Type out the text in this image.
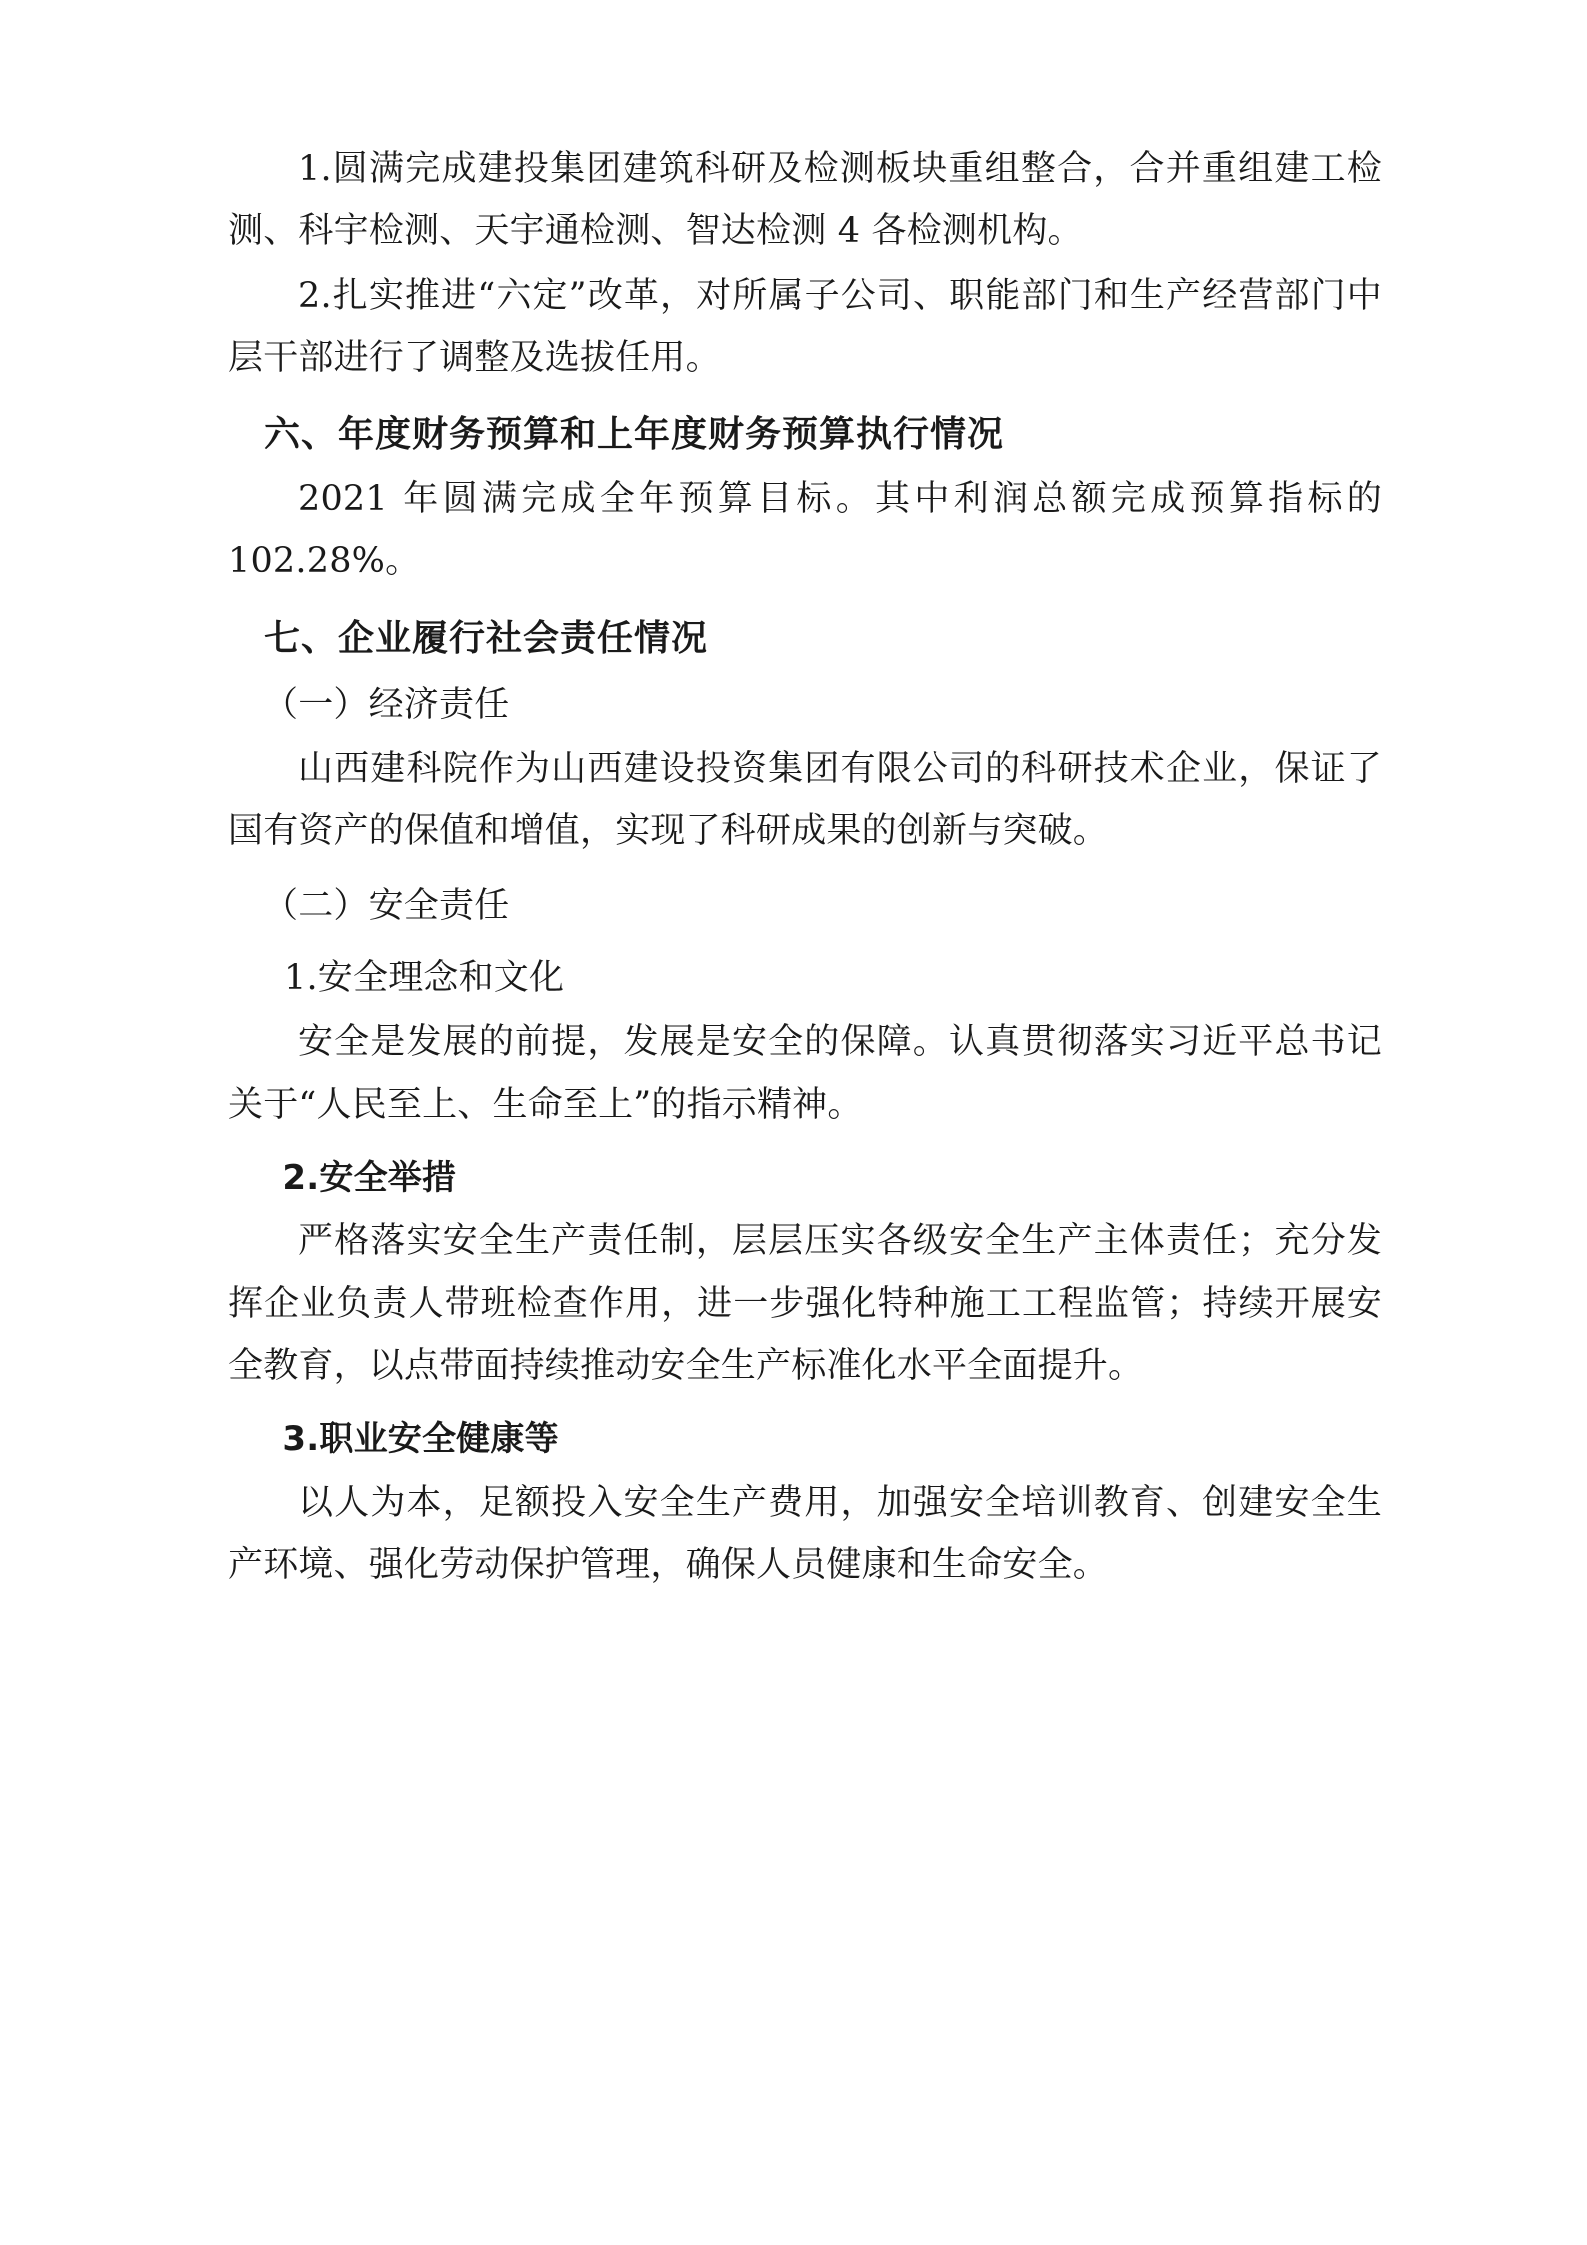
1.圆满完成建投集团建筑科研及检测板块重组整合，合并重组建工检测、科宇检测、天宇通检测、智达检测 4 各检测机构。

2.扎实推进“六定”改革，对所属子公司、职能部门和生产经营部门中层干部进行了调整及选拔任用。

六、年度财务预算和上年度财务预算执行情况

2021 年圆满完成全年预算目标。其中利润总额完成预算指标的 102.28%。

七、企业履行社会责任情况

（一）经济责任

山西建科院作为山西建设投资集团有限公司的科研技术企业，保证了国有资产的保值和增值，实现了科研成果的创新与突破。

（二）安全责任

1.安全理念和文化

安全是发展的前提，发展是安全的保障。认真贯彻落实习近平总书记关于“人民至上、生命至上”的指示精神。

2.安全举措

严格落实安全生产责任制，层层压实各级安全生产主体责任；充分发挥企业负责人带班检查作用，进一步强化特种施工工程监管；持续开展安全教育，以点带面持续推动安全生产标准化水平全面提升。

3.职业安全健康等

以人为本，足额投入安全生产费用，加强安全培训教育、创建安全生产环境、强化劳动保护管理，确保人员健康和生命安全。
